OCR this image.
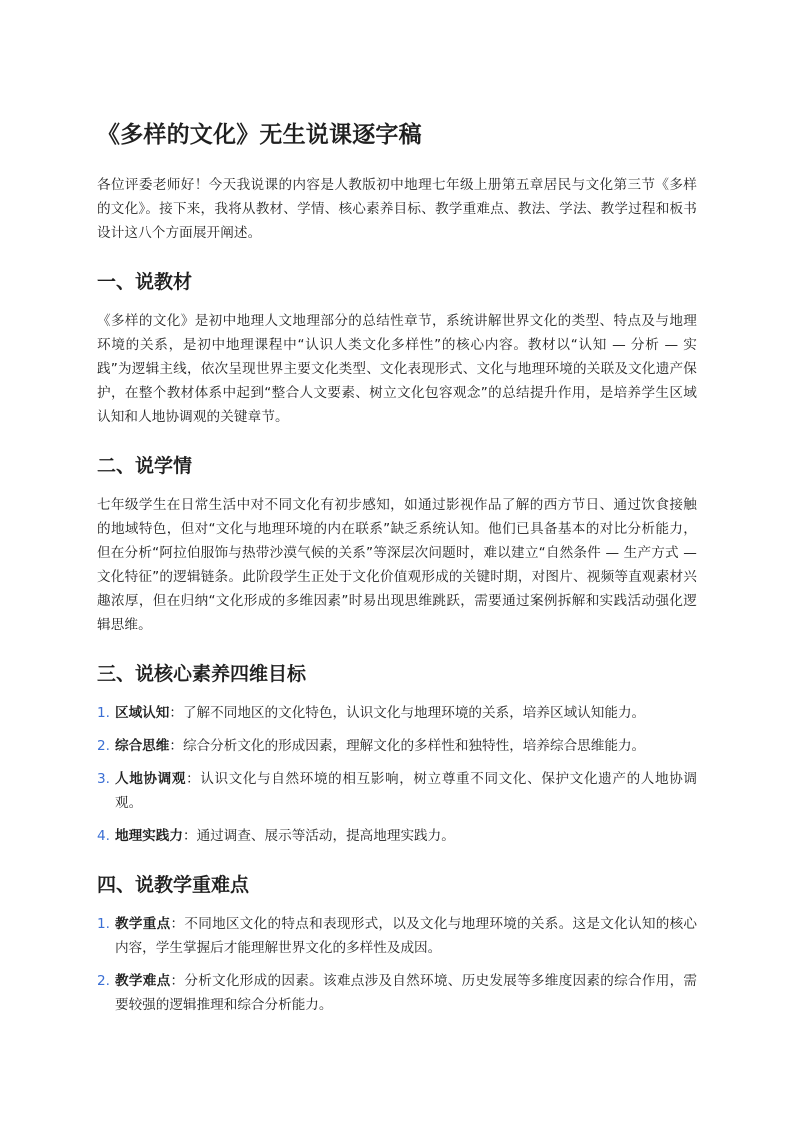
《多样的文化》无生说课逐字稿

各位评委老师好！今天我说课的内容是人教版初中地理七年级上册第五章居民与文化第三节《多样的文化》。接下来，我将从教材、学情、核心素养目标、教学重难点、教法、学法、教学过程和板书设计这八个方面展开阐述。

一、说教材

《多样的文化》是初中地理人文地理部分的总结性章节，系统讲解世界文化的类型、特点及与地理环境的关系，是初中地理课程中“认识人类文化多样性”的核心内容。教材以“认知 — 分析 — 实践”为逻辑主线，依次呈现世界主要文化类型、文化表现形式、文化与地理环境的关联及文化遗产保护，在整个教材体系中起到“整合人文要素、树立文化包容观念”的总结提升作用，是培养学生区域认知和人地协调观的关键章节。

二、说学情

七年级学生在日常生活中对不同文化有初步感知，如通过影视作品了解的西方节日、通过饮食接触的地域特色，但对“文化与地理环境的内在联系”缺乏系统认知。他们已具备基本的对比分析能力，但在分析“阿拉伯服饰与热带沙漠气候的关系”等深层次问题时，难以建立“自然条件 — 生产方式 — 文化特征”的逻辑链条。此阶段学生正处于文化价值观形成的关键时期，对图片、视频等直观素材兴趣浓厚，但在归纳“文化形成的多维因素”时易出现思维跳跃，需要通过案例拆解和实践活动强化逻辑思维。

三、说核心素养四维目标
1. 区域认知：了解不同地区的文化特色，认识文化与地理环境的关系，培养区域认知能力。
2. 综合思维：综合分析文化的形成因素，理解文化的多样性和独特性，培养综合思维能力。
3. 人地协调观：认识文化与自然环境的相互影响，树立尊重不同文化、保护文化遗产的人地协调观。
4. 地理实践力：通过调查、展示等活动，提高地理实践力。
四、说教学重难点
1. 教学重点：不同地区文化的特点和表现形式，以及文化与地理环境的关系。这是文化认知的核心内容，学生掌握后才能理解世界文化的多样性及成因。
2. 教学难点：分析文化形成的因素。该难点涉及自然环境、历史发展等多维度因素的综合作用，需要较强的逻辑推理和综合分析能力。
